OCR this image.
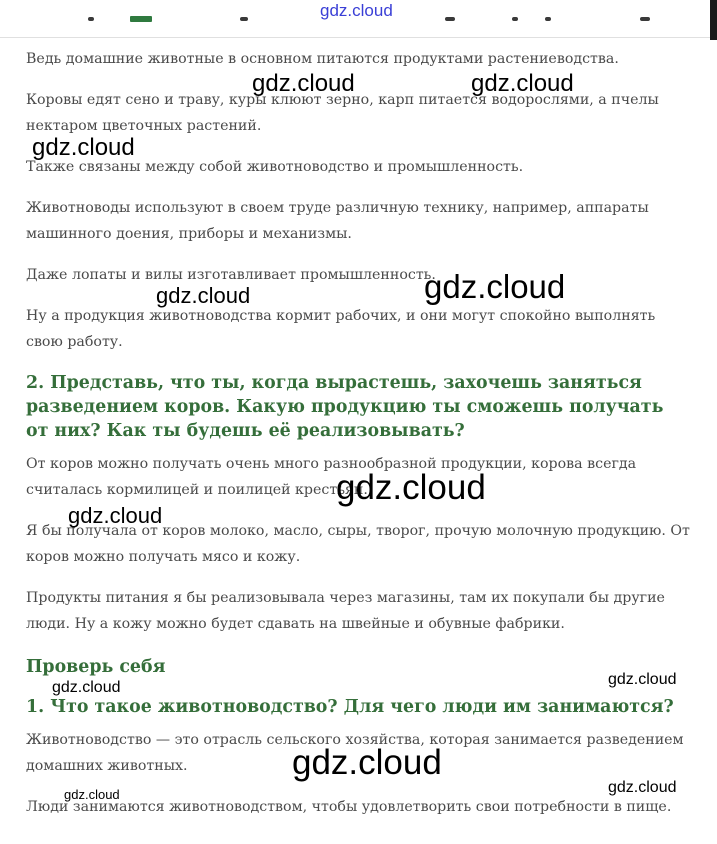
gdz.cloud

Ведь домашние животные в основном питаются продуктами растениеводства.

Коровы едят сено и траву, куры клюют зерно, карп питается водорослями, а пчелы нектаром цветочных растений.

Также связаны между собой животноводство и промышленность.

Животноводы используют в своем труде различную технику, например, аппараты машинного доения, приборы и механизмы.

Даже лопаты и вилы изготавливает промышленность.

Ну а продукция животноводства кормит рабочих, и они могут спокойно выполнять свою работу.

2. Представь, что ты, когда вырастешь, захочешь заняться разведением коров. Какую продукцию ты сможешь получать от них? Как ты будешь её реализовывать?

От коров можно получать очень много разнообразной продукции, корова всегда считалась кормилицей и поилицей крестьян.

Я бы получала от коров молоко, масло, сыры, творог, прочую молочную продукцию. От коров можно получать мясо и кожу.

Продукты питания я бы реализовывала через магазины, там их покупали бы другие люди. Ну а кожу можно будет сдавать на швейные и обувные фабрики.

Проверь себя
1. Что такое животноводство? Для чего люди им занимаются?

Животноводство — это отрасль сельского хозяйства, которая занимается разведением домашних животных.

Люди занимаются животноводством, чтобы удовлетворить свои потребности в пище.

gdz.cloud	gdz.cloud
gdz.cloud
gdz.cloud	gdz.cloud
gdz.cloud
gdz.cloud
gdz.cloud	gdz.cloud
gdz.cloud
gdz.cloud
gdz.cloud
